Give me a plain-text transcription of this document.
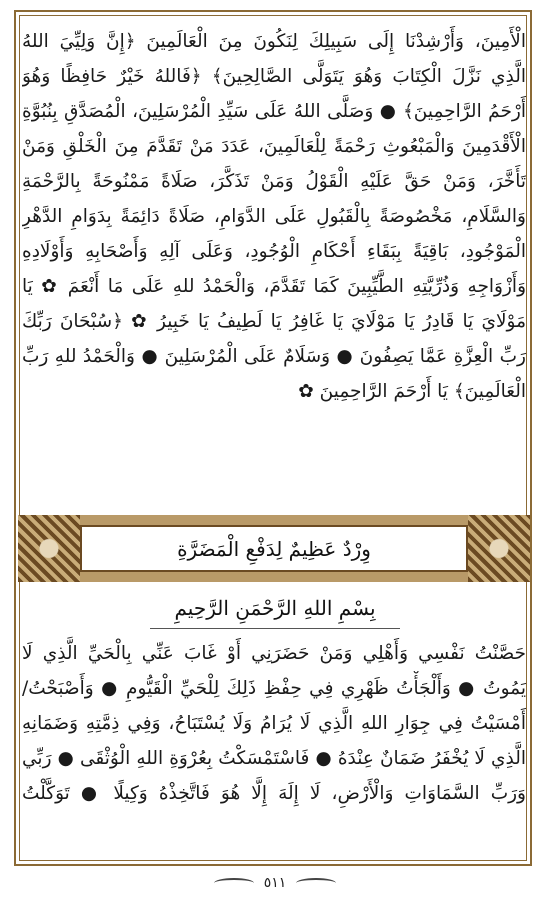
الْأَمِينَ، وَأَرْشِدْنَا إِلَى سَبِيلِكَ لِنَكُونَ مِنَ الْعَالَمِينَ ﴿إِنَّ وَلِيِّيَ اللهُ
الَّذِي نَزَّلَ الْكِتَابَ وَهُوَ يَتَوَلَّى الصَّالِحِينَ﴾ ﴿فَاللهُ خَيْرٌ حَافِظًا وَهُوَ
أَرْحَمُ الرَّاحِمِينَ﴾ ● وَصَلَّى اللهُ عَلَى سَيِّدِ الْمُرْسَلِينَ، الْمُصَدَّقِ بِنُبُوَّةِ
الْأَقْدَمِينَ وَالْمَبْعُوثِ رَحْمَةً لِلْعَالَمِينَ، عَدَدَ مَنْ تَقَدَّمَ مِنَ الْخَلْقِ وَمَنْ
تَأَخَّرَ، وَمَنْ حَقَّ عَلَيْهِ الْقَوْلُ وَمَنْ تَذَكَّرَ، صَلَاةً مَمْنُوحَةً بِالرَّحْمَةِ
وَالسَّلَامِ، مَخْصُوصَةً بِالْقَبُولِ عَلَى الدَّوَامِ، صَلَاةً دَائِمَةً بِدَوَامِ الدَّهْرِ
الْمَوْجُودِ، بَاقِيَةً بِبَقَاءِ أَحْكَامِ الْوُجُودِ، وَعَلَى آلِهِ وَأَصْحَابِهِ وَأَوْلَادِهِ
وَأَزْوَاجِهِ وَذُرِّيَّتِهِ الطَّيِّبِينَ كَمَا تَقَدَّمَ، وَالْحَمْدُ للهِ عَلَى مَا أَنْعَمَ ✿ يَا
مَوْلَايَ يَا قَادِرُ يَا مَوْلَايَ يَا غَافِرُ يَا لَطِيفُ يَا خَبِيرُ ✿ ﴿سُبْحَانَ رَبِّكَ
رَبِّ الْعِزَّةِ عَمَّا يَصِفُونَ ● وَسَلَامٌ عَلَى الْمُرْسَلِينَ ● وَالْحَمْدُ للهِ رَبِّ
الْعَالَمِينَ﴾ يَا أَرْحَمَ الرَّاحِمِينَ ✿
وِرْدٌ عَظِيمٌ لِدَفْعِ الْمَضَرَّةِ
بِسْمِ اللهِ الرَّحْمَنِ الرَّحِيمِ
حَصَّنْتُ نَفْسِي وَأَهْلِي وَمَنْ حَضَرَنِي أَوْ غَابَ عَنِّي بِالْحَيِّ الَّذِي لَا
يَمُوتُ ● وَأَلْجَأْتُ ظَهْرِي فِي حِفْظِ ذَلِكَ لِلْحَيِّ الْقَيُّومِ ● وَأَصْبَحْتُ/
أَمْسَيْتُ فِي جِوَارِ اللهِ الَّذِي لَا يُرَامُ وَلَا يُسْتَبَاحُ، وَفِي ذِمَّتِهِ وَضَمَانِهِ
الَّذِي لَا يُخْفَرُ ضَمَانٌ عِنْدَهُ ● فَاسْتَمْسَكْتُ بِعُرْوَةِ اللهِ الْوُثْقَى ● رَبِّي
وَرَبِّ السَّمَاوَاتِ وَالْأَرْضِ، لَا إِلَهَ إِلَّا هُوَ فَاتَّخِذْهُ وَكِيلًا ● تَوَكَّلْتُ
٥١١
